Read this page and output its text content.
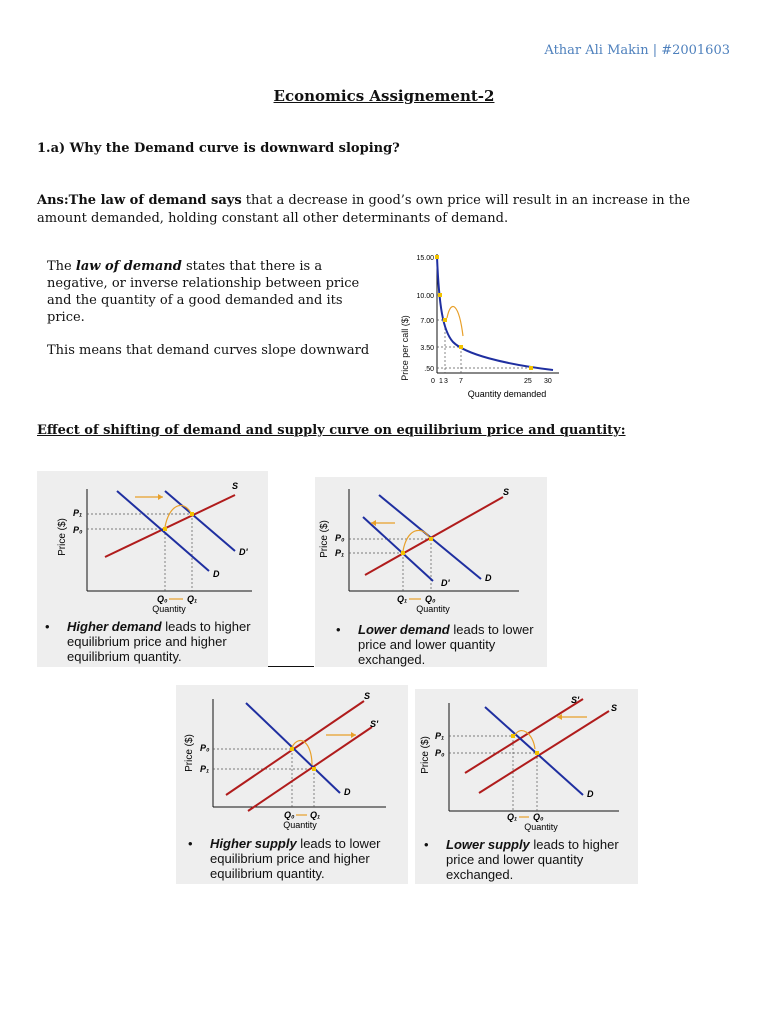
Athar Ali Makin | #2001603
Economics Assignement-2
1.a) Why the Demand curve is downward sloping?
Ans:The law of demand says that a decrease in good’s own price will result in an increase in the amount demanded, holding constant all other determinants of demand.

The law of demand states that there is a negative, or inverse relationship between price and the quantity of a good demanded and its price.

This means that demand curves slope downward	Price per call ($)
15.00
10.00
7.00
3.50
.50
0 1 3 7	25 30
Quantity demanded
Effect of shifting of demand and supply curve on equilibrium price and quantity:
Price ($)
S
D'
D
P₁
P₀
Q₀ Q₁
Quantity
• Higher demand leads to higher equilibrium price and higher equilibrium quantity.
Price ($)
S
D
D'
P₀
P₁
Q₁ Q₀
Quantity
• Lower demand leads to lower price and lower quantity exchanged.
Price ($)
S
S'
D
P₀
P₁
Q₀ Q₁
Quantity
• Higher supply leads to lower equilibrium price and higher equilibrium quantity.
Price ($)
S'
S
D
P₁
P₀
Q₁ Q₀
Quantity
• Lower supply leads to higher price and lower quantity exchanged.
